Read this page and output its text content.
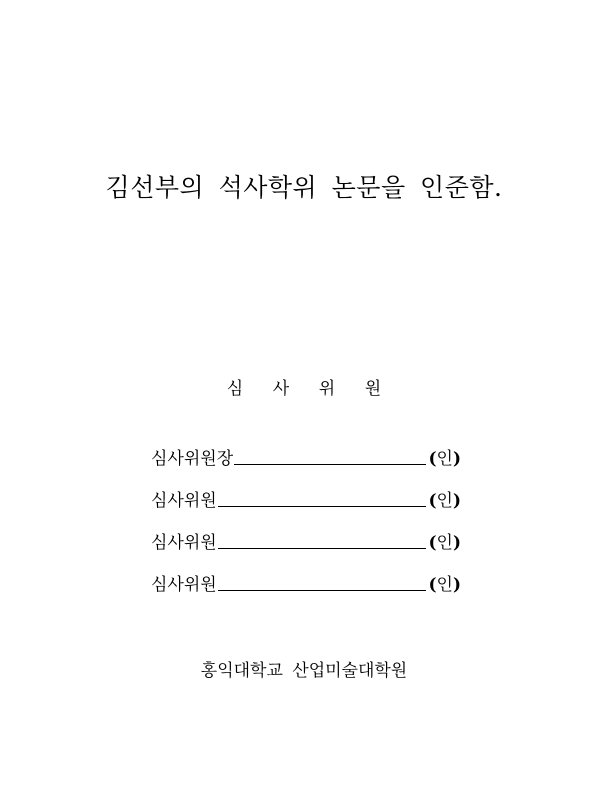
김선부의 석사학위 논문을 인준함.
심 사 위 원
심사위원장	(인)
심사위원	(인)
심사위원	(인)
심사위원	(인)
홍익대학교 산업미술대학원
